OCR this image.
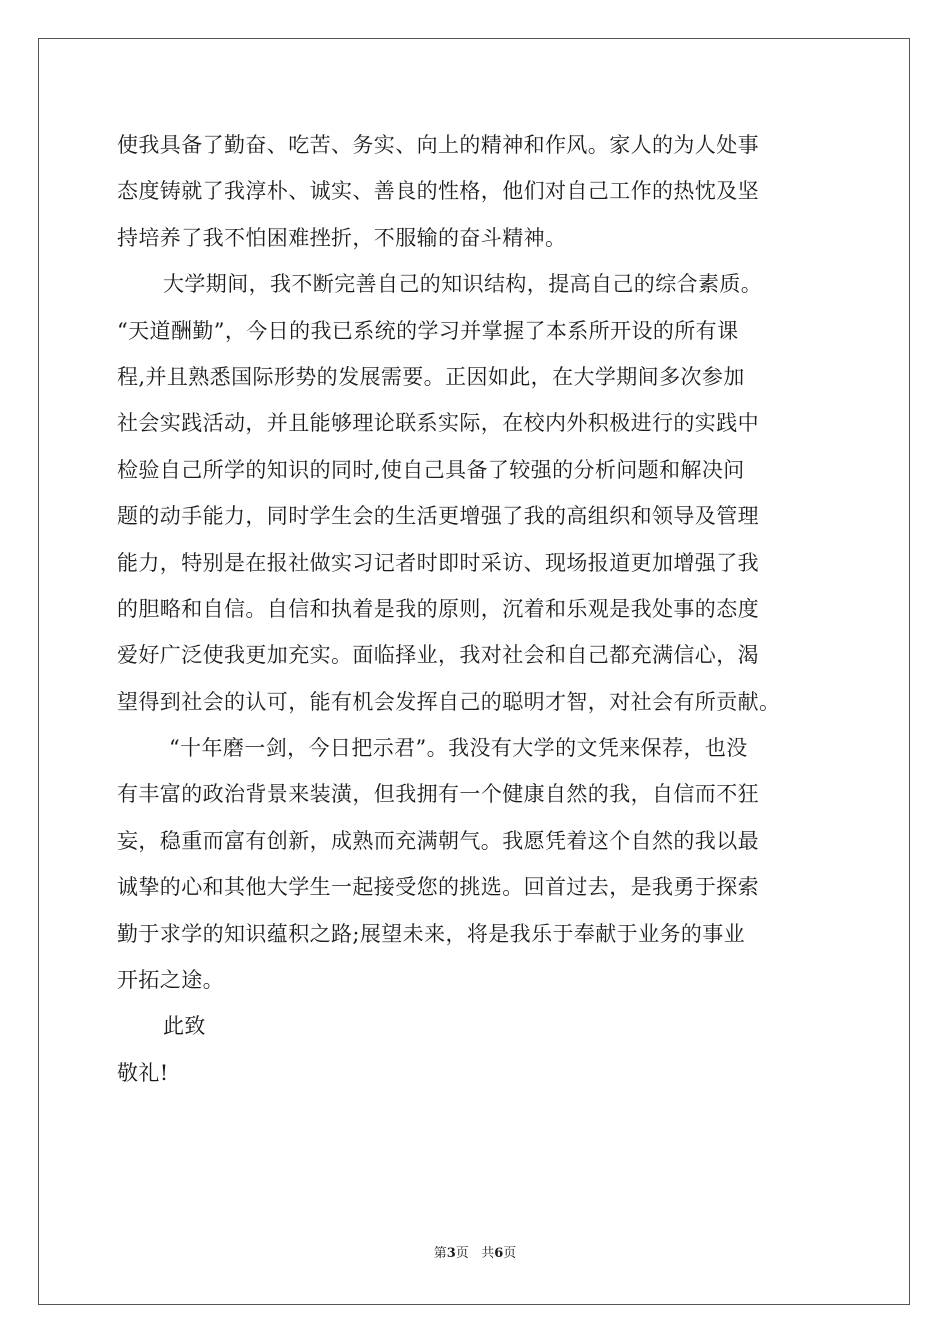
使我具备了勤奋、吃苦、务实、向上的精神和作风。家人的为人处事
态度铸就了我淳朴、诚实、善良的性格，他们对自己工作的热忱及坚
持培养了我不怕困难挫折，不服输的奋斗精神。
大学期间，我不断完善自己的知识结构，提高自己的综合素质。
“天道酬勤”，今日的我已系统的学习并掌握了本系所开设的所有课
程,并且熟悉国际形势的发展需要。正因如此，在大学期间多次参加
社会实践活动，并且能够理论联系实际，在校内外积极进行的实践中
检验自己所学的知识的同时,使自己具备了较强的分析问题和解决问
题的动手能力，同时学生会的生活更增强了我的高组织和领导及管理
能力，特别是在报社做实习记者时即时采访、现场报道更加增强了我
的胆略和自信。自信和执着是我的原则，沉着和乐观是我处事的态度
爱好广泛使我更加充实。面临择业，我对社会和自己都充满信心，渴
望得到社会的认可，能有机会发挥自己的聪明才智，对社会有所贡献。
“十年磨一剑，今日把示君”。我没有大学的文凭来保荐，也没
有丰富的政治背景来装潢，但我拥有一个健康自然的我，自信而不狂
妄，稳重而富有创新，成熟而充满朝气。我愿凭着这个自然的我以最
诚挚的心和其他大学生一起接受您的挑选。回首过去，是我勇于探索
勤于求学的知识蕴积之路;展望未来，将是我乐于奉献于业务的事业
开拓之途。
此致
敬礼!
第3页 共6页
